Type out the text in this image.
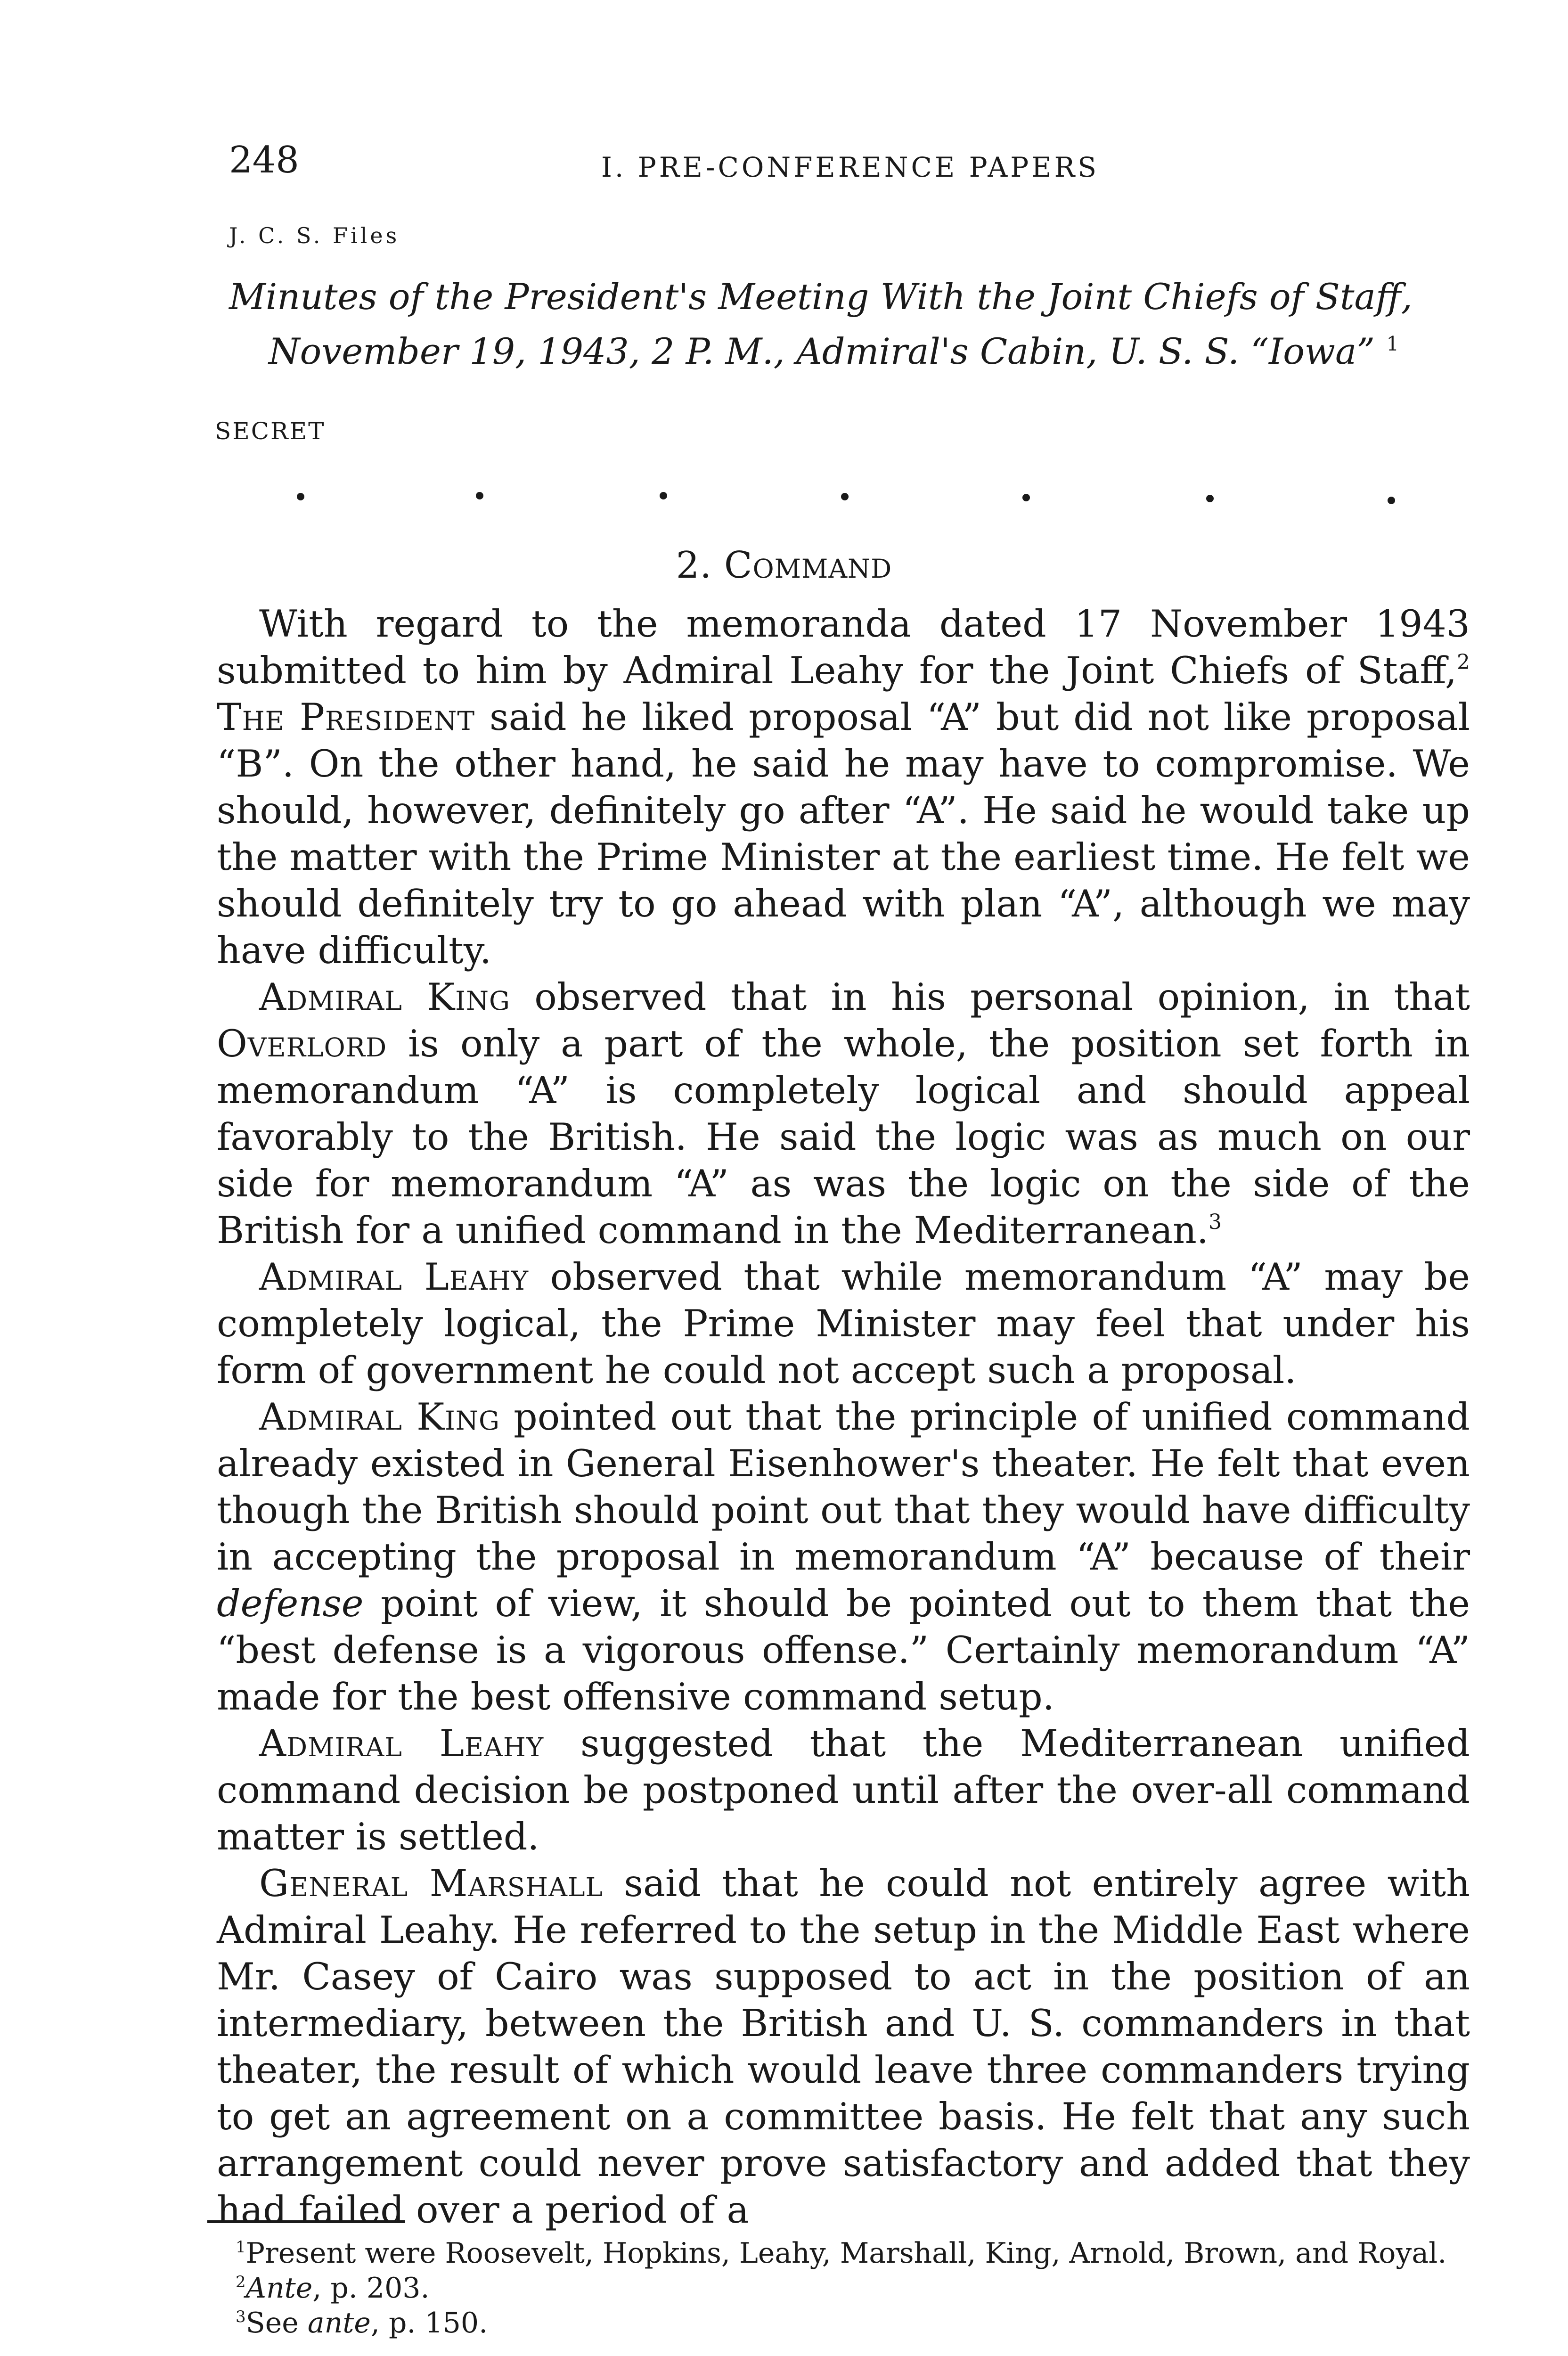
248	I. PRE-CONFERENCE PAPERS
J. C. S. Files
Minutes of the President's Meeting With the Joint Chiefs of Staff,
November 19, 1943, 2 P. M., Admiral's Cabin, U. S. S. “Iowa” $^1$
SECRET
2. Command

With regard to the memoranda dated 17 November 1943 submitted to him by Admiral Leahy for the Joint Chiefs of Staff,$^2$ The President said he liked proposal “A” but did not like proposal “B”. On the other hand, he said he may have to compromise. We should, however, definitely go after “A”. He said he would take up the matter with the Prime Minister at the earliest time. He felt we should definitely try to go ahead with plan “A”, although we may have difficulty.

Admiral King observed that in his personal opinion, in that Overlord is only a part of the whole, the position set forth in memorandum “A” is completely logical and should appeal favorably to the British. He said the logic was as much on our side for memorandum “A” as was the logic on the side of the British for a unified command in the Mediterranean.$^3$

Admiral Leahy observed that while memorandum “A” may be completely logical, the Prime Minister may feel that under his form of government he could not accept such a proposal.

Admiral King pointed out that the principle of unified command already existed in General Eisenhower's theater. He felt that even though the British should point out that they would have difficulty in accepting the proposal in memorandum “A” because of their defense point of view, it should be pointed out to them that the “best defense is a vigorous offense.” Certainly memorandum “A” made for the best offensive command setup.

Admiral Leahy suggested that the Mediterranean unified command decision be postponed until after the over-all command matter is settled.

General Marshall said that he could not entirely agree with Admiral Leahy. He referred to the setup in the Middle East where Mr. Casey of Cairo was supposed to act in the position of an intermediary, between the British and U. S. commanders in that theater, the result of which would leave three commanders trying to get an agreement on a committee basis. He felt that any such arrangement could never prove satisfactory and added that they had failed over a period of a

$^1$Present were Roosevelt, Hopkins, Leahy, Marshall, King, Arnold, Brown, and Royal.

$^2$Ante, p. 203.

$^3$See ante, p. 150.
